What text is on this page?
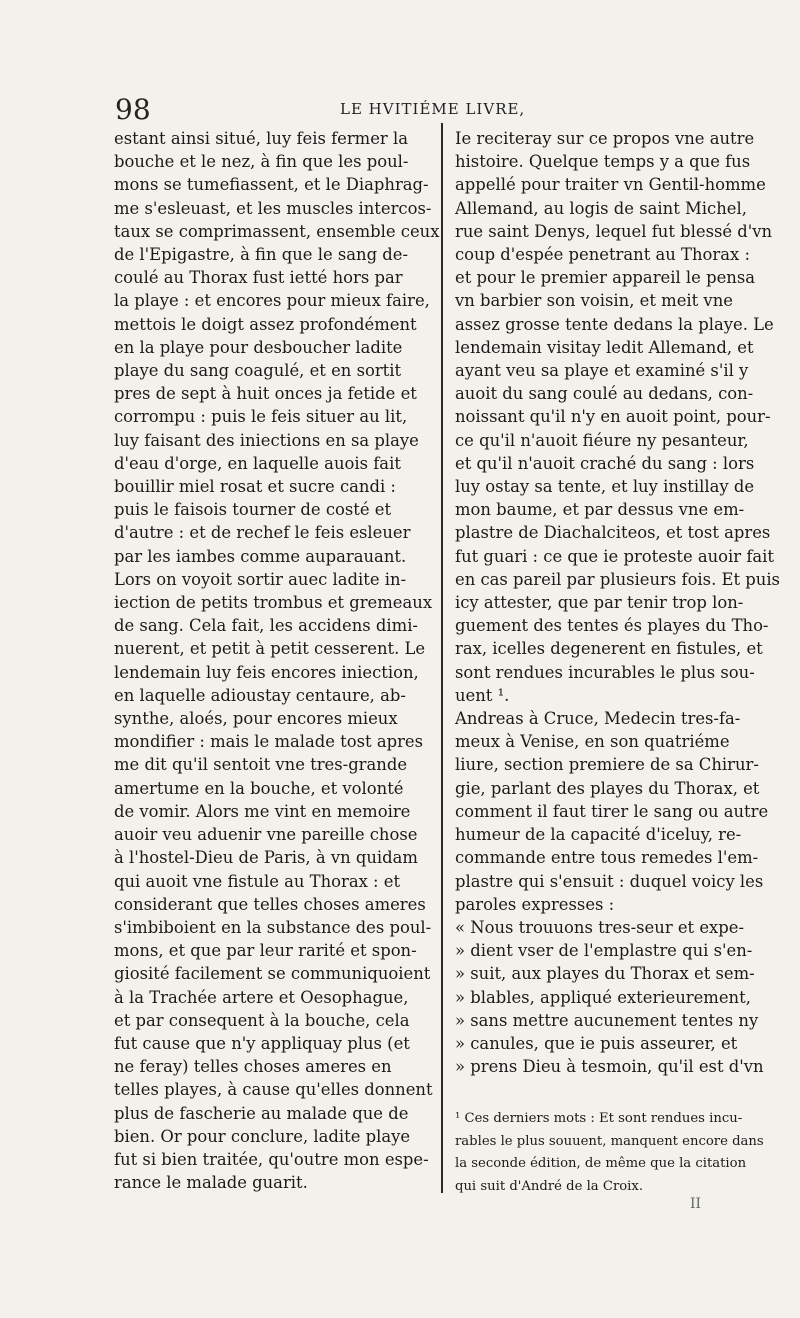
98	LE HVITIÉME LIVRE,
estant ainsi situé, luy feis fermer la
bouche et le nez, à fin que les poul-
mons se tumefiassent, et le Diaphrag-
me s'esleuast, et les muscles intercos-
taux se comprimassent, ensemble ceux
de l'Epigastre, à fin que le sang de-
coulé au Thorax fust ietté hors par
la playe : et encores pour mieux faire,
mettois le doigt assez profondément
en la playe pour desboucher ladite
playe du sang coagulé, et en sortit
pres de sept à huit onces ja fetide et
corrompu : puis le feis situer au lit,
luy faisant des iniections en sa playe
d'eau d'orge, en laquelle auois fait
bouillir miel rosat et sucre candi :
puis le faisois tourner de costé et
d'autre : et de rechef le feis esleuer
par les iambes comme auparauant.
Lors on voyoit sortir auec ladite in-
iection de petits trombus et gremeaux
de sang. Cela fait, les accidens dimi-
nuerent, et petit à petit cesserent. Le
lendemain luy feis encores iniection,
en laquelle adioustay centaure, ab-
synthe, aloés, pour encores mieux
mondifier : mais le malade tost apres
me dit qu'il sentoit vne tres-grande
amertume en la bouche, et volonté
de vomir. Alors me vint en memoire
auoir veu aduenir vne pareille chose
à l'hostel-Dieu de Paris, à vn quidam
qui auoit vne fistule au Thorax : et
considerant que telles choses ameres
s'imbiboient en la substance des poul-
mons, et que par leur rarité et spon-
giosité facilement se communiquoient
à la Trachée artere et Oesophague,
et par consequent à la bouche, cela
fut cause que n'y appliquay plus (et
ne feray) telles choses ameres en
telles playes, à cause qu'elles donnent
plus de fascherie au malade que de
bien. Or pour conclure, ladite playe
fut si bien traitée, qu'outre mon espe-
rance le malade guarit.
Ie reciteray sur ce propos vne autre
histoire. Quelque temps y a que fus
appellé pour traiter vn Gentil-homme
Allemand, au logis de saint Michel,
rue saint Denys, lequel fut blessé d'vn
coup d'espée penetrant au Thorax :
et pour le premier appareil le pensa
vn barbier son voisin, et meit vne
assez grosse tente dedans la playe. Le
lendemain visitay ledit Allemand, et
ayant veu sa playe et examiné s'il y
auoit du sang coulé au dedans, con-
noissant qu'il n'y en auoit point, pour-
ce qu'il n'auoit fiéure ny pesanteur,
et qu'il n'auoit craché du sang : lors
luy ostay sa tente, et luy instillay de
mon baume, et par dessus vne em-
plastre de Diachalciteos, et tost apres
fut guari : ce que ie proteste auoir fait
en cas pareil par plusieurs fois. Et puis
icy attester, que par tenir trop lon-
guement des tentes és playes du Tho-
rax, icelles degenerent en fistules, et
sont rendues incurables le plus sou-
uent ¹.
Andreas à Cruce, Medecin tres-fa-
meux à Venise, en son quatriéme
liure, section premiere de sa Chirur-
gie, parlant des playes du Thorax, et
comment il faut tirer le sang ou autre
humeur de la capacité d'iceluy, re-
commande entre tous remedes l'em-
plastre qui s'ensuit : duquel voicy les
paroles expresses :
« Nous trouuons tres-seur et expe-
» dient vser de l'emplastre qui s'en-
» suit, aux playes du Thorax et sem-
» blables, appliqué exterieurement,
» sans mettre aucunement tentes ny
» canules, que ie puis asseurer, et
» prens Dieu à tesmoin, qu'il est d'vn
¹ Ces derniers mots : Et sont rendues incu-
rables le plus souuent, manquent encore dans
la seconde édition, de même que la citation
qui suit d'André de la Croix.
II
